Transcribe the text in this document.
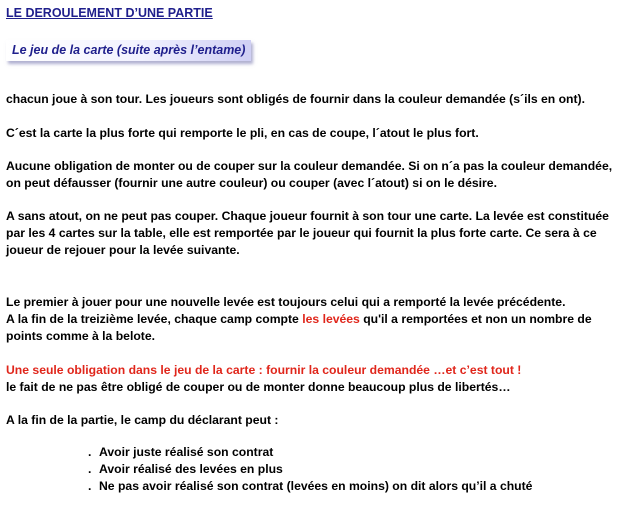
LE DEROULEMENT D’UNE PARTIE
Le jeu de la carte (suite après l’entame)

chacun joue à son tour. Les joueurs sont obligés de fournir dans la couleur demandée (s´ils en ont).

C´est la carte la plus forte qui remporte le pli, en cas de coupe, l´atout le plus fort.

Aucune obligation de monter ou de couper sur la couleur demandée. Si on n´a pas la couleur demandée,

on peut défausser (fournir une autre couleur) ou couper (avec l´atout) si on le désire.

A sans atout, on ne peut pas couper. Chaque joueur fournit à son tour une carte. La levée est constituée

par les 4 cartes sur la table, elle est remportée par le joueur qui fournit la plus forte carte. Ce sera à ce

joueur de rejouer pour la levée suivante.

Le premier à jouer pour une nouvelle levée est toujours celui qui a remporté la levée précédente.

A la fin de la treizième levée, chaque camp compte les levées qu'il a remportées et non un nombre de

points comme à la belote.

Une seule obligation dans le jeu de la carte : fournir la couleur demandée …et c’est tout !

le fait de ne pas être obligé de couper ou de monter donne beaucoup plus de libertés…

A la fin de la partie, le camp du déclarant peut :

. Avoir juste réalisé son contrat
. Avoir réalisé des levées en plus
. Ne pas avoir réalisé son contrat (levées en moins) on dit alors qu’il a chuté
